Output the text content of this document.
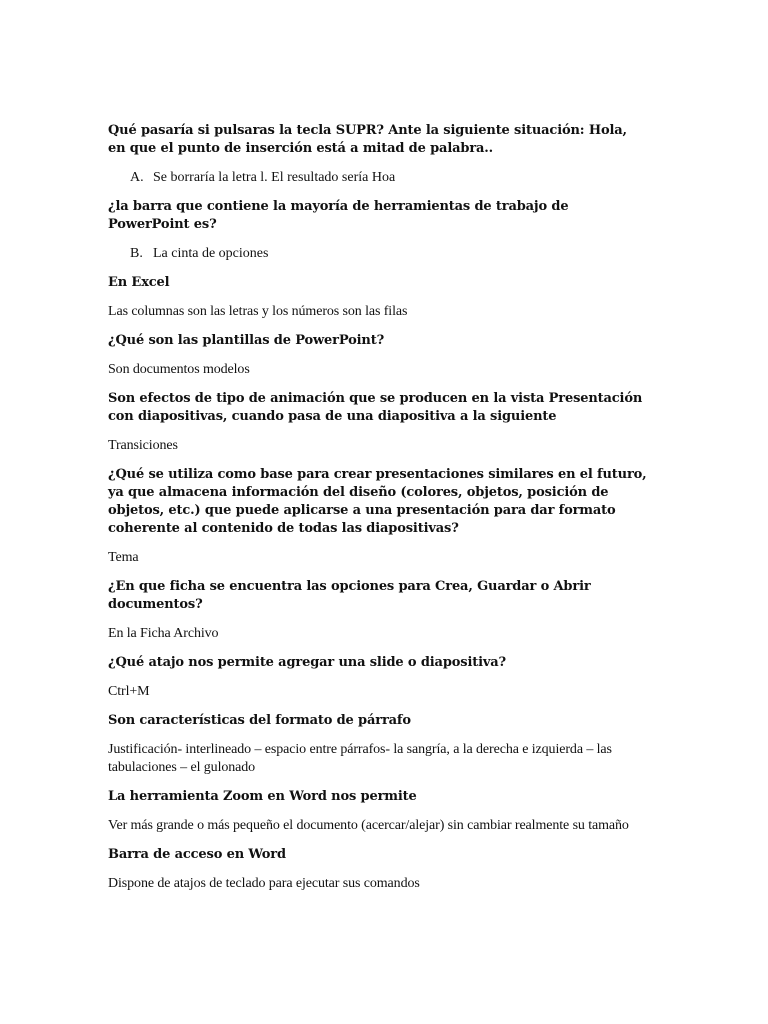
Qué pasaría si pulsaras la tecla SUPR? Ante la siguiente situación: Hola, en que el punto de inserción está a mitad de palabra..

A. Se borraría la letra l. El resultado sería Hoa

¿la barra que contiene la mayoría de herramientas de trabajo de PowerPoint es?

B. La cinta de opciones

En Excel

Las columnas son las letras y los números son las filas

¿Qué son las plantillas de PowerPoint?

Son documentos modelos

Son efectos de tipo de animación que se producen en la vista Presentación con diapositivas, cuando pasa de una diapositiva a la siguiente

Transiciones

¿Qué se utiliza como base para crear presentaciones similares en el futuro, ya que almacena información del diseño (colores, objetos, posición de objetos, etc.) que puede aplicarse a una presentación para dar formato coherente al contenido de todas las diapositivas?

Tema

¿En que ficha se encuentra las opciones para Crea, Guardar o Abrir documentos?

En la Ficha Archivo

¿Qué atajo nos permite agregar una slide o diapositiva?

Ctrl+M

Son características del formato de párrafo

Justificación- interlineado – espacio entre párrafos- la sangría, a la derecha e izquierda – las tabulaciones – el gulonado

La herramienta Zoom en Word nos permite

Ver más grande o más pequeño el documento (acercar/alejar) sin cambiar realmente su tamaño

Barra de acceso en Word

Dispone de atajos de teclado para ejecutar sus comandos
